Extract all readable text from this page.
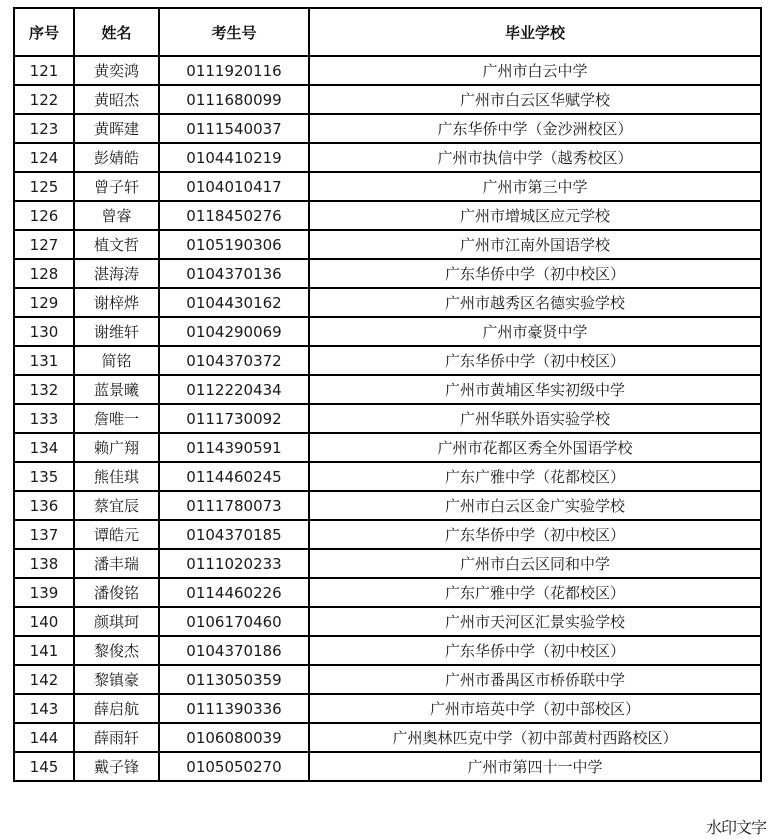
序号	姓名	考生号	毕业学校
121	黄奕鸿	0111920116	广州市白云中学
122	黄昭杰	0111680099	广州市白云区华赋学校
123	黄晖建	0111540037	广东华侨中学（金沙洲校区）
124	彭婧皓	0104410219	广州市执信中学（越秀校区）
125	曾子轩	0104010417	广州市第三中学
126	曾睿	0118450276	广州市增城区应元学校
127	植文哲	0105190306	广州市江南外国语学校
128	湛海涛	0104370136	广东华侨中学（初中校区）
129	谢梓烨	0104430162	广州市越秀区名德实验学校
130	谢维轩	0104290069	广州市豪贤中学
131	简铭	0104370372	广东华侨中学（初中校区）
132	蓝景曦	0112220434	广州市黄埔区华实初级中学
133	詹唯一	0111730092	广州华联外语实验学校
134	赖广翔	0114390591	广州市花都区秀全外国语学校
135	熊佳琪	0114460245	广东广雅中学（花都校区）
136	蔡宜辰	0111780073	广州市白云区金广实验学校
137	谭皓元	0104370185	广东华侨中学（初中校区）
138	潘丰瑞	0111020233	广州市白云区同和中学
139	潘俊铭	0114460226	广东广雅中学（花都校区）
140	颜琪珂	0106170460	广州市天河区汇景实验学校
141	黎俊杰	0104370186	广东华侨中学（初中校区）
142	黎镇豪	0113050359	广州市番禺区市桥侨联中学
143	薛启航	0111390336	广州市培英中学（初中部校区）
144	薛雨轩	0106080039	广州奥林匹克中学（初中部黄村西路校区）
145	戴子锋	0105050270	广州市第四十一中学
水印文字
